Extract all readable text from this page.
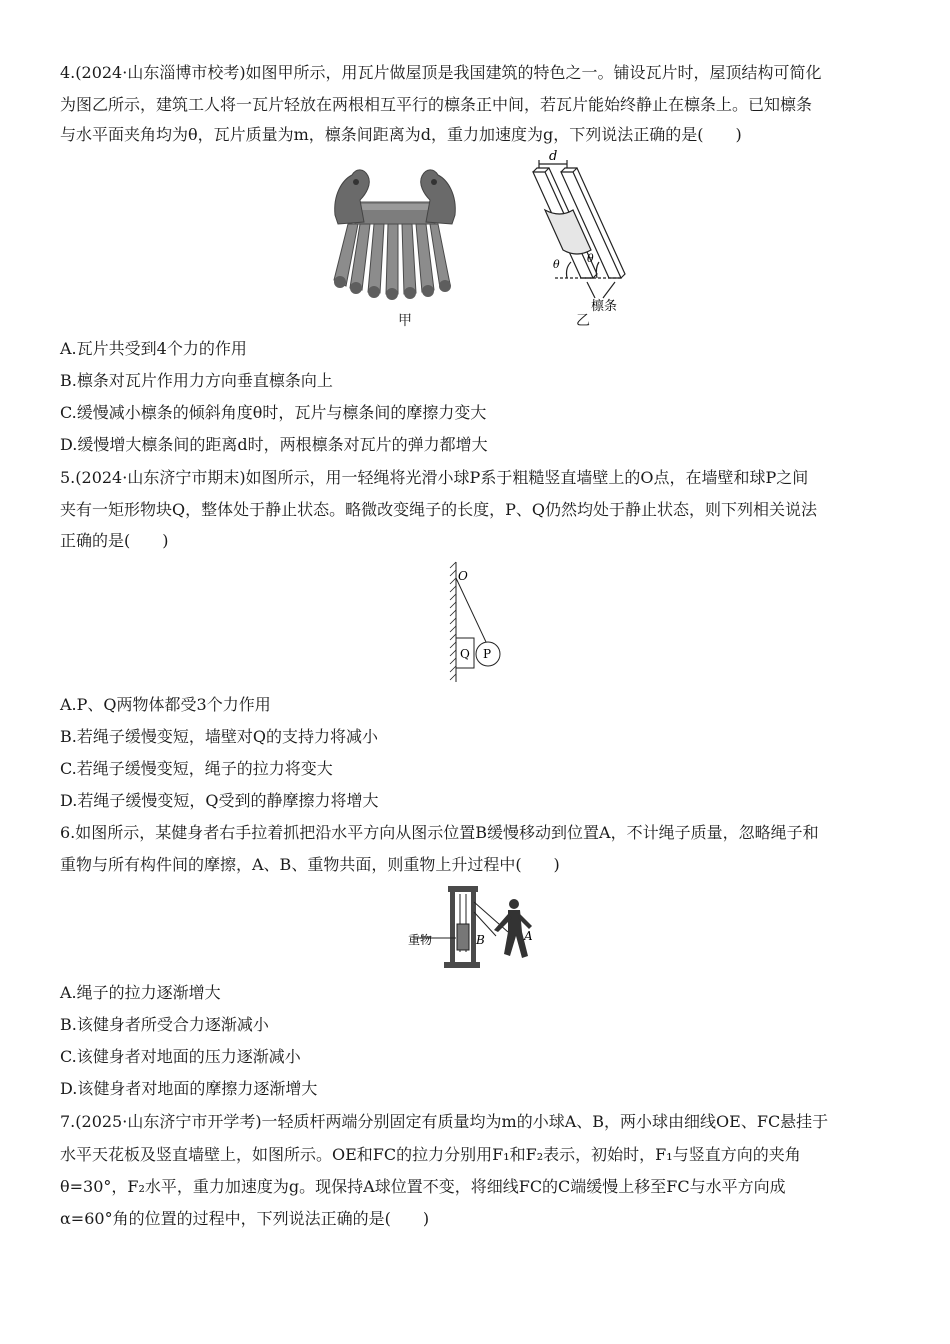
4.(2024·山东淄博市校考)如图甲所示，用瓦片做屋顶是我国建筑的特色之一。铺设瓦片时，屋顶结构可简化
为图乙所示，建筑工人将一瓦片轻放在两根相互平行的檩条正中间，若瓦片能始终静止在檩条上。已知檩条
与水平面夹角均为θ，瓦片质量为m，檩条间距离为d，重力加速度为g，下列说法正确的是(　　)
甲
d
θ θ
檩条
乙
A.瓦片共受到4个力的作用
B.檩条对瓦片作用力方向垂直檩条向上
C.缓慢减小檩条的倾斜角度θ时，瓦片与檩条间的摩擦力变大
D.缓慢增大檩条间的距离d时，两根檩条对瓦片的弹力都增大
5.(2024·山东济宁市期末)如图所示，用一轻绳将光滑小球P系于粗糙竖直墙壁上的O点，在墙壁和球P之间
夹有一矩形物块Q，整体处于静止状态。略微改变绳子的长度，P、Q仍然均处于静止状态，则下列相关说法
正确的是(　　)
O
Q P
A.P、Q两物体都受3个力作用
B.若绳子缓慢变短，墙壁对Q的支持力将减小
C.若绳子缓慢变短，绳子的拉力将变大
D.若绳子缓慢变短，Q受到的静摩擦力将增大
6.如图所示，某健身者右手拉着抓把沿水平方向从图示位置B缓慢移动到位置A，不计绳子质量，忽略绳子和
重物与所有构件间的摩擦，A、B、重物共面，则重物上升过程中(　　)
重物	B	A
A.绳子的拉力逐渐增大
B.该健身者所受合力逐渐减小
C.该健身者对地面的压力逐渐减小
D.该健身者对地面的摩擦力逐渐增大
7.(2025·山东济宁市开学考)一轻质杆两端分别固定有质量均为m的小球A、B，两小球由细线OE、FC悬挂于
水平天花板及竖直墙壁上，如图所示。OE和FC的拉力分别用F₁和F₂表示，初始时，F₁与竖直方向的夹角
θ=30°，F₂水平，重力加速度为g。现保持A球位置不变，将细线FC的C端缓慢上移至FC与水平方向成
α=60°角的位置的过程中，下列说法正确的是(　　)
